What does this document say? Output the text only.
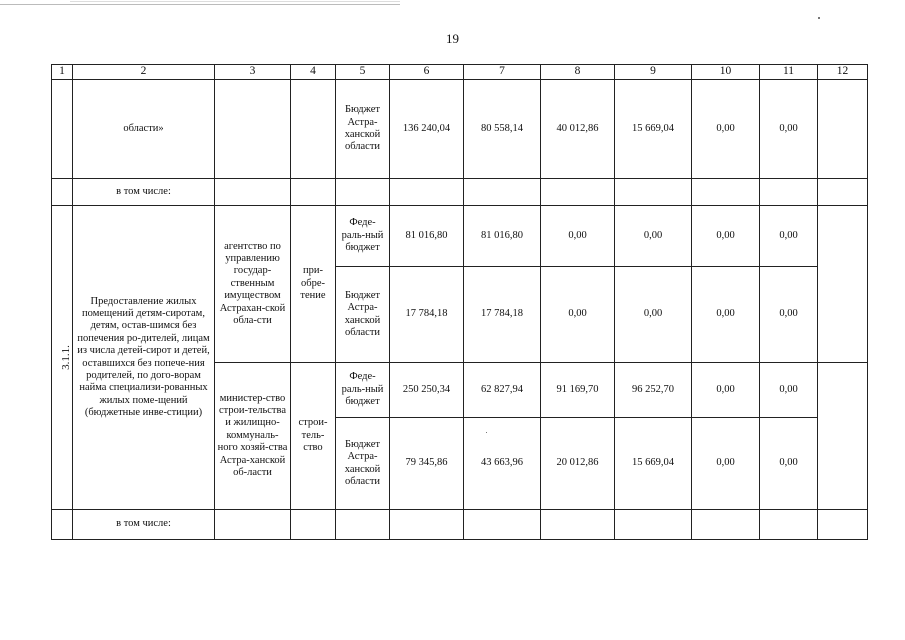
19
1	2	3	4	5	6	7	8	9	10	11	12
	области»			Бюджет Астра-ханской области	136 240,04	80 558,14	40 012,86	15 669,04	0,00	0,00	
	в том числе:										
3.1.1.	Предоставление жилых помещений детям-сиротам, детям, остав-шимся без попечения ро-дителей, лицам из числа детей-сирот и детей, оставшихся без попече-ния родителей, по дого-ворам найма специализи-рованных жилых поме-щений (бюджетные инве-стиции)	агентство по управлению государ-ственным имуществом Астрахан-ской обла-сти	при-обре-тение	Феде-раль-ный бюджет	81 016,80	81 016,80	0,00	0,00	0,00	0,00	
				Бюджет Астра-ханской области	17 784,18	17 784,18	0,00	0,00	0,00	0,00	
		министер-ство строи-тельства и жилищно-коммуналь-ного хозяй-ства Астра-ханской об-ласти	строи-тель-ство	Феде-раль-ный бюджет	250 250,34	62 827,94	91 169,70	96 252,70	0,00	0,00	
				Бюджет Астра-ханской области	79 345,86	43 663,96	20 012,86	15 669,04	0,00	0,00	
	в том числе:										
